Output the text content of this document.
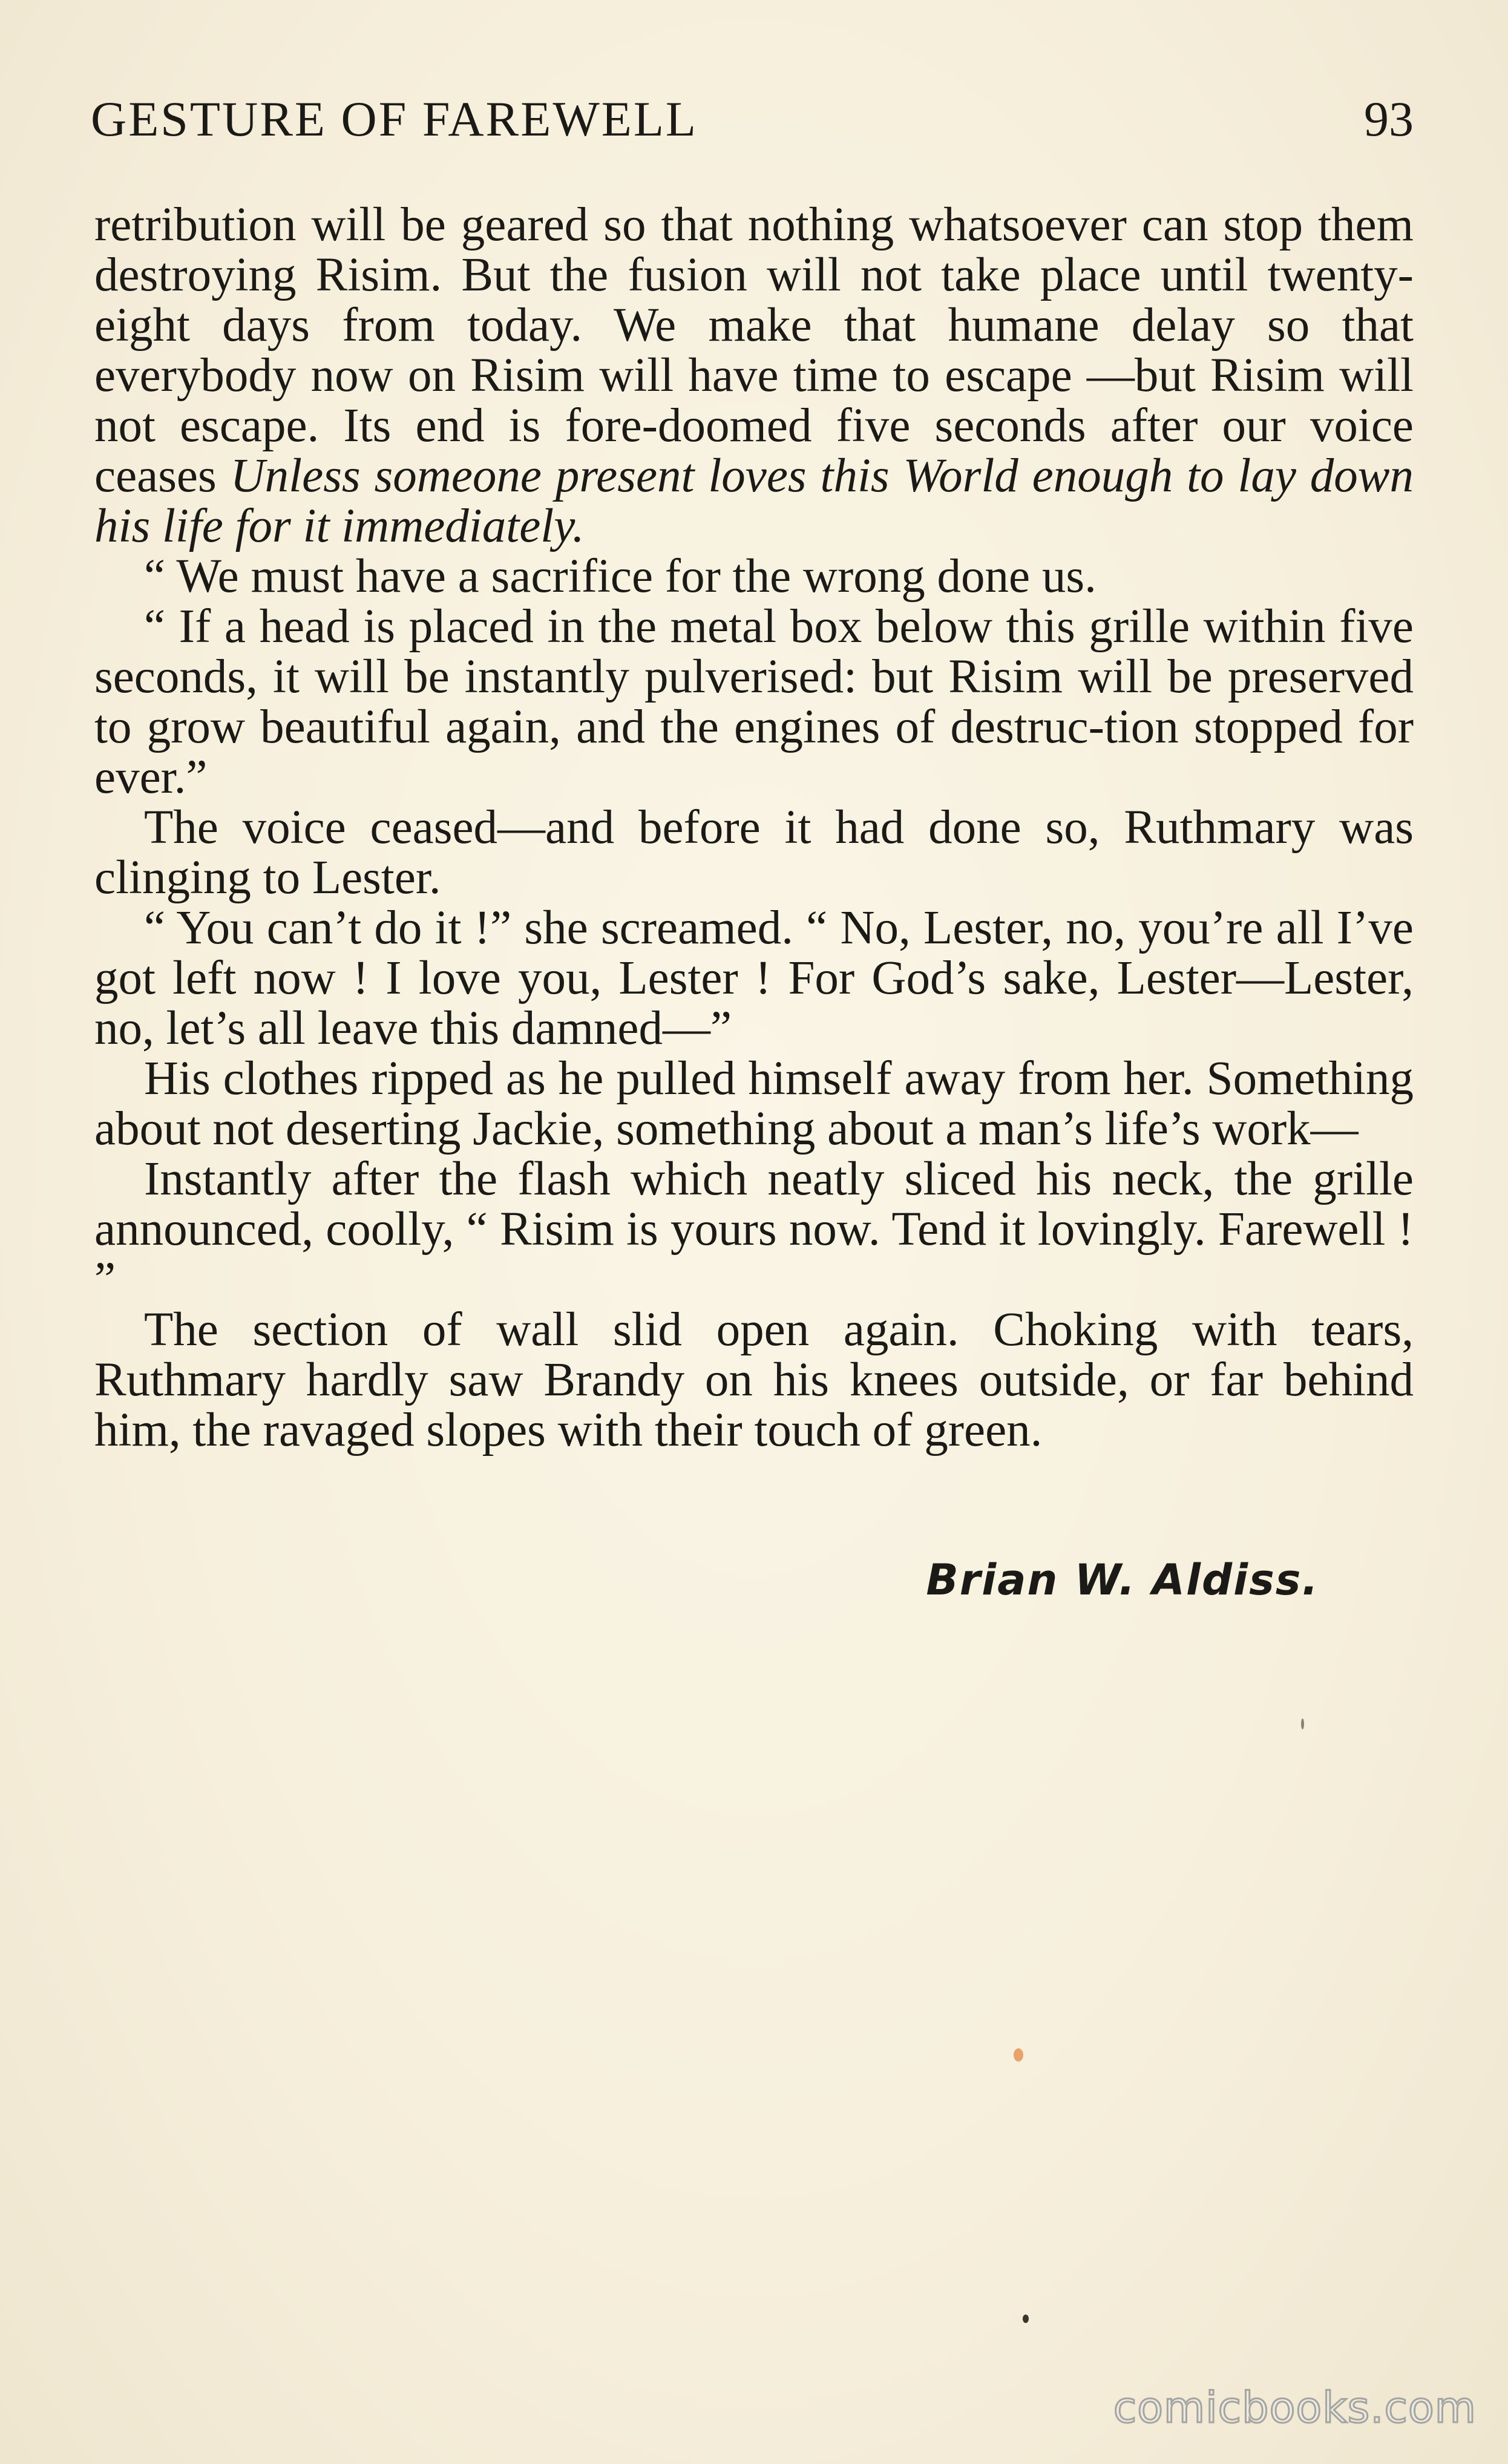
GESTURE OF FAREWELL	93

retribution will be geared so that nothing whatsoever can stop them destroying Risim. But the fusion will not take place until twenty-eight days from today. We make that humane delay so that everybody now on Risim will have time to escape —but Risim will not escape. Its end is fore-doomed five seconds after our voice ceases Unless someone present loves this World enough to lay down his life for it immediately.

“ We must have a sacrifice for the wrong done us.

“ If a head is placed in the metal box below this grille within five seconds, it will be instantly pulverised: but Risim will be preserved to grow beautiful again, and the engines of destruc-tion stopped for ever.”

The voice ceased—and before it had done so, Ruthmary was clinging to Lester.

“ You can’t do it !” she screamed. “ No, Lester, no, you’re all I’ve got left now ! I love you, Lester ! For God’s sake, Lester—Lester, no, let’s all leave this damned—”

His clothes ripped as he pulled himself away from her. Something about not deserting Jackie, something about a man’s life’s work—

Instantly after the flash which neatly sliced his neck, the grille announced, coolly, “ Risim is yours now. Tend it lovingly. Farewell ! ”

The section of wall slid open again. Choking with tears, Ruthmary hardly saw Brandy on his knees outside, or far behind him, the ravaged slopes with their touch of green.

Brian W. Aldiss.
comicbooks.com
